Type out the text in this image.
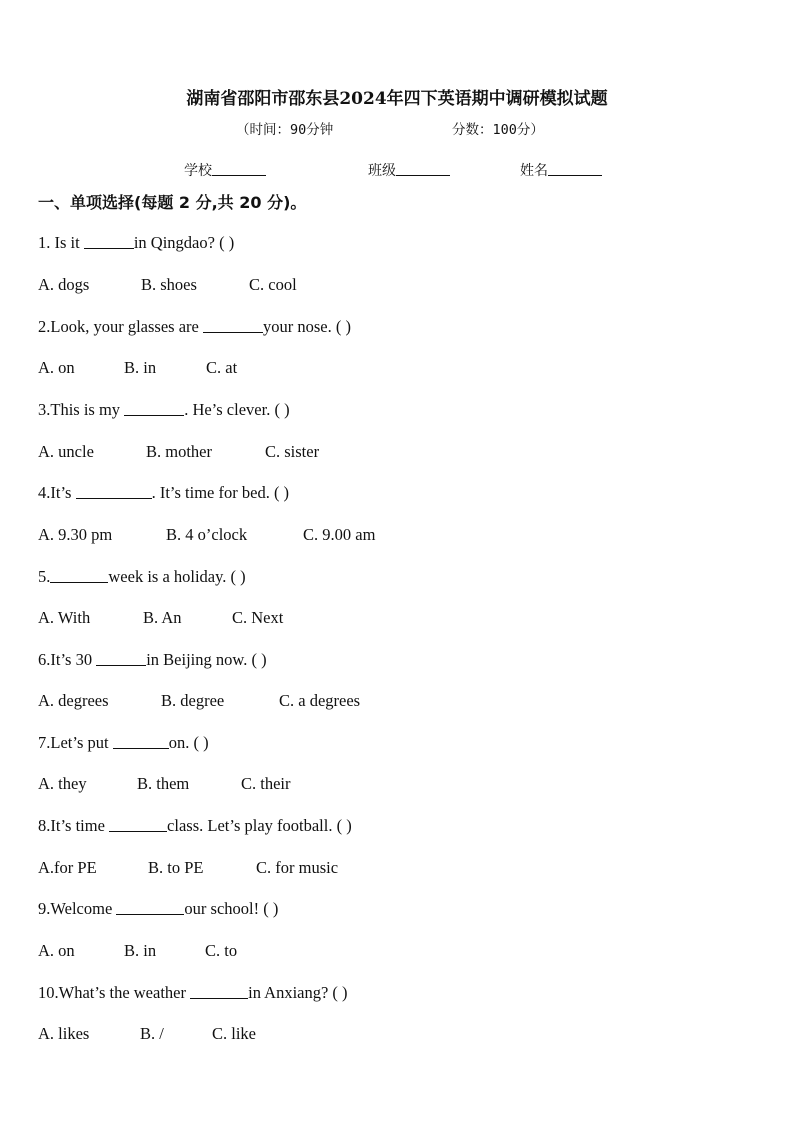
湖南省邵阳市邵东县2024年四下英语期中调研模拟试题
（时间：90分钟	分数：100分）
学校	班级	姓名
一、单项选择(每题 2 分,共 20 分)。
1. Is it	in Qingdao? ( )
A. dogs	B. shoes	C. cool
2.Look, your glasses are	your nose. ( )
A. on	B. in	C. at
3.This is my	. He’s clever. ( )
A. uncle	B. mother	C. sister
4.It’s	. It’s time for bed. ( )
A. 9.30 pm	B. 4 o’clock	C. 9.00 am
5.	week is a holiday. ( )
A. With	B. An	C. Next
6.It’s 30	in Beijing now. ( )
A. degrees	B. degree	C. a degrees
7.Let’s put	on. ( )
A. they	B. them	C. their
8.It’s time	class. Let’s play football. ( )
A.for PE	B. to PE	C. for music
9.Welcome	our school! ( )
A. on	B. in	C. to
10.What’s the weather	in Anxiang? ( )
A. likes	B. /	C. like
